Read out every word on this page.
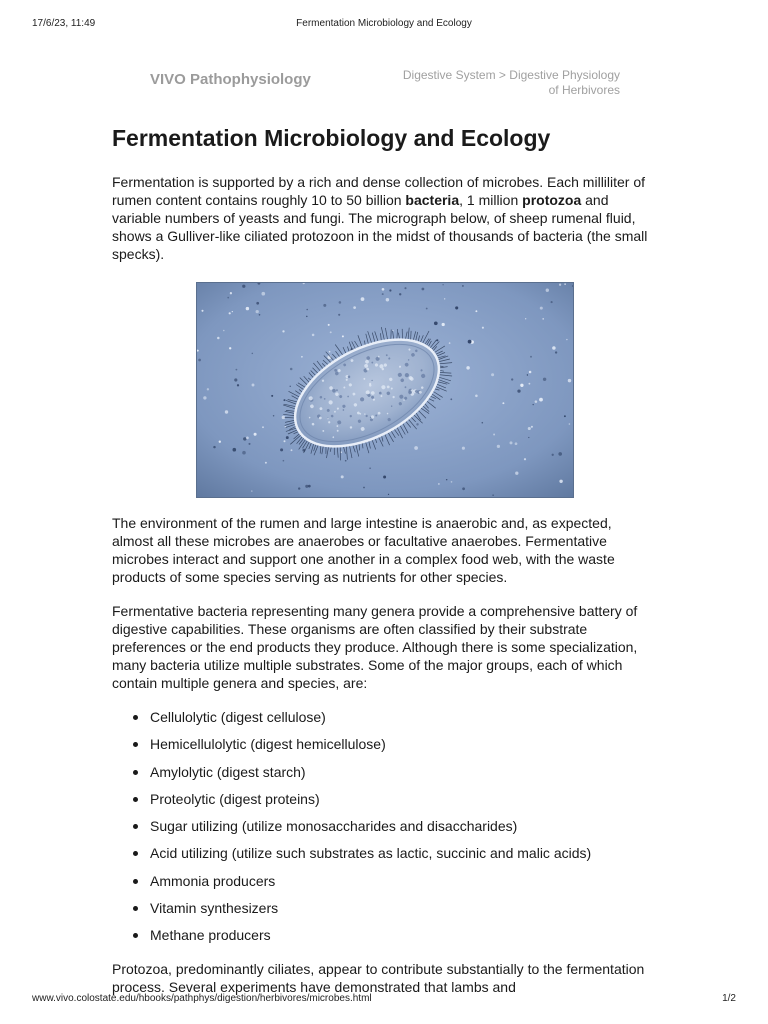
17/6/23, 11:49	Fermentation Microbiology and Ecology
VIVO Pathophysiology	Digestive System > Digestive Physiology
of Herbivores
Fermentation Microbiology and Ecology

Fermentation is supported by a rich and dense collection of microbes. Each milliliter of rumen content contains roughly 10 to 50 billion bacteria, 1 million protozoa and variable numbers of yeasts and fungi. The micrograph below, of sheep rumenal fluid, shows a Gulliver-like ciliated protozoon in the midst of thousands of bacteria (the small specks).

The environment of the rumen and large intestine is anaerobic and, as expected, almost all these microbes are anaerobes or facultative anaerobes. Fermentative microbes interact and support one another in a complex food web, with the waste products of some species serving as nutrients for other species.

Fermentative bacteria representing many genera provide a comprehensive battery of digestive capabilities. These organisms are often classified by their substrate preferences or the end products they produce. Although there is some specialization, many bacteria utilize multiple substrates. Some of the major groups, each of which contain multiple genera and species, are:

Cellulolytic (digest cellulose)
Hemicellulolytic (digest hemicellulose)
Amylolytic (digest starch)
Proteolytic (digest proteins)
Sugar utilizing (utilize monosaccharides and disaccharides)
Acid utilizing (utilize such substrates as lactic, succinic and malic acids)
Ammonia producers
Vitamin synthesizers
Methane producers

Protozoa, predominantly ciliates, appear to contribute substantially to the fermentation process. Several experiments have demonstrated that lambs and

www.vivo.colostate.edu/hbooks/pathphys/digestion/herbivores/microbes.html	1/2
